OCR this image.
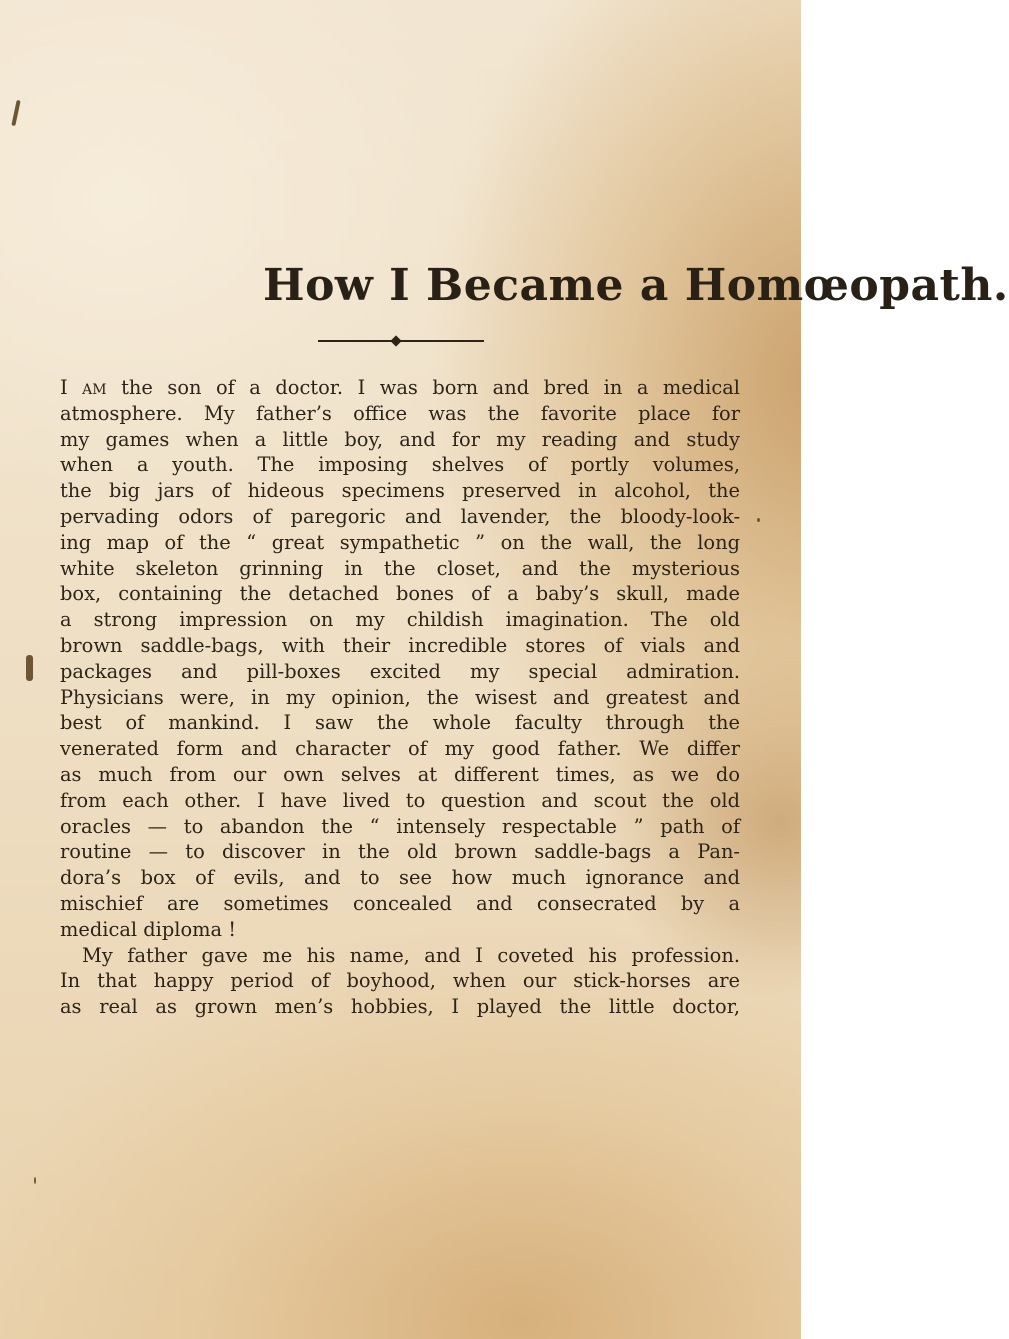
How I Became a Homœopath.
I am the son of a doctor. I was born and bred in a medical
atmosphere. My father’s office was the favorite place for
my games when a little boy, and for my reading and study
when a youth. The imposing shelves of portly volumes,
the big jars of hideous specimens preserved in alcohol, the
pervading odors of paregoric and lavender, the bloody-look-
ing map of the “ great sympathetic ” on the wall, the long
white skeleton grinning in the closet, and the mysterious
box, containing the detached bones of a baby’s skull, made
a strong impression on my childish imagination. The old
brown saddle-bags, with their incredible stores of vials and
packages and pill-boxes excited my special admiration.
Physicians were, in my opinion, the wisest and greatest and
best of mankind. I saw the whole faculty through the
venerated form and character of my good father. We differ
as much from our own selves at different times, as we do
from each other. I have lived to question and scout the old
oracles — to abandon the “ intensely respectable ” path of
routine — to discover in the old brown saddle-bags a Pan-
dora’s box of evils, and to see how much ignorance and
mischief are sometimes concealed and consecrated by a
medical diploma !
My father gave me his name, and I coveted his profession.
In that happy period of boyhood, when our stick-horses are
as real as grown men’s hobbies, I played the little doctor,
